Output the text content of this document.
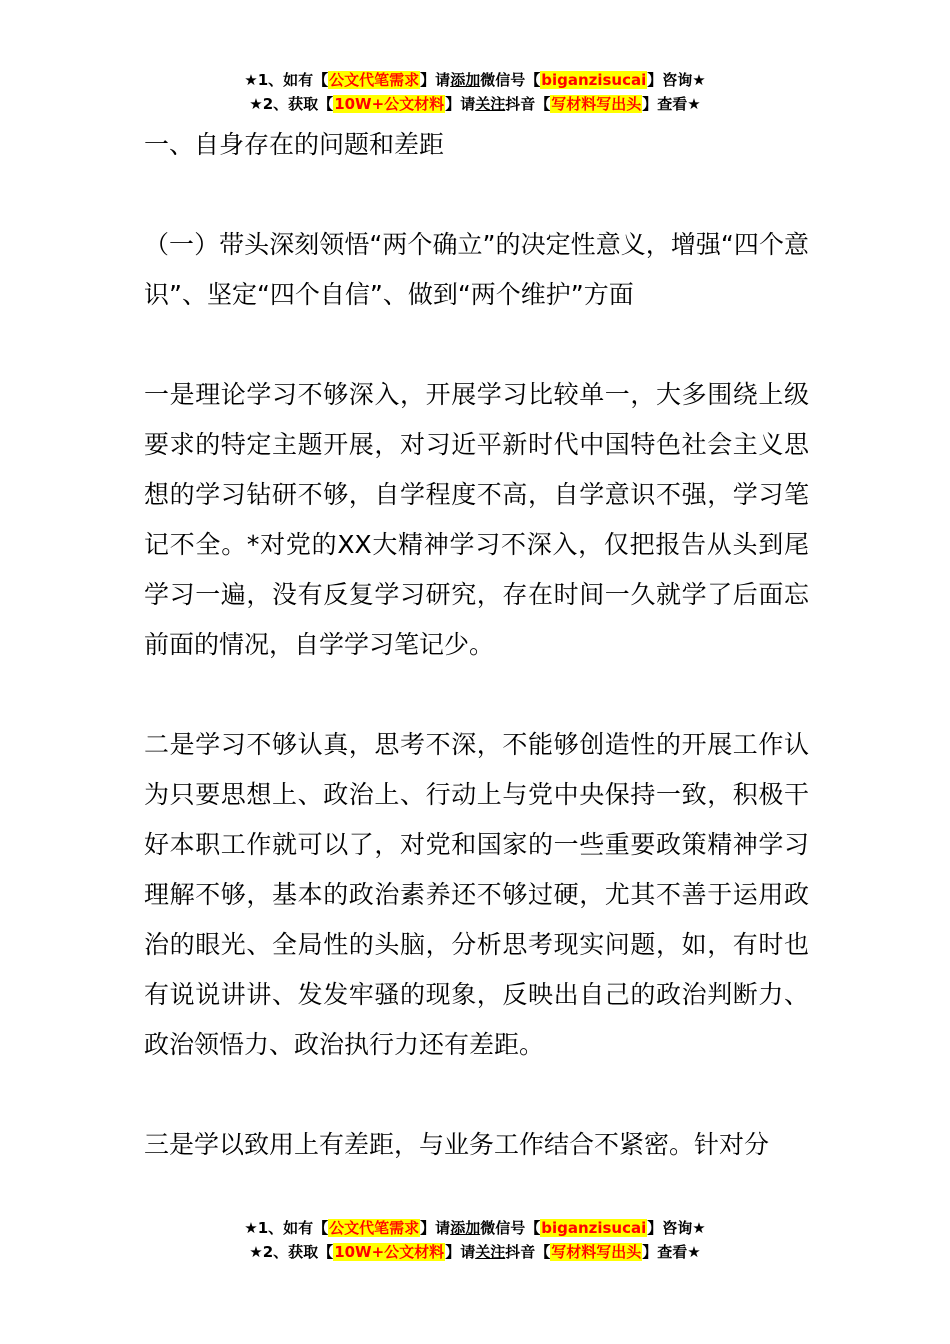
★1、如有【公文代笔需求】请添加微信号【biganzisucai】咨询★
★2、获取【10W+公文材料】请关注抖音【写材料写出头】查看★

一、自身存在的问题和差距

（一）带头深刻领悟“两个确立”的决定性意义，增强“四个意识”、坚定“四个自信”、做到“两个维护”方面

一是理论学习不够深入，开展学习比较单一，大多围绕上级要求的特定主题开展，对习近平新时代中国特色社会主义思想的学习钻研不够，自学程度不高，自学意识不强，学习笔记不全。*对党的XX大精神学习不深入，仅把报告从头到尾学习一遍，没有反复学习研究，存在时间一久就学了后面忘前面的情况，自学学习笔记少。

二是学习不够认真，思考不深，不能够创造性的开展工作认为只要思想上、政治上、行动上与党中央保持一致，积极干好本职工作就可以了，对党和国家的一些重要政策精神学习理解不够，基本的政治素养还不够过硬，尤其不善于运用政治的眼光、全局性的头脑，分析思考现实问题，如，有时也有说说讲讲、发发牢骚的现象，反映出自己的政治判断力、政治领悟力、政治执行力还有差距。

三是学以致用上有差距，与业务工作结合不紧密。针对分

★1、如有【公文代笔需求】请添加微信号【biganzisucai】咨询★
★2、获取【10W+公文材料】请关注抖音【写材料写出头】查看★
